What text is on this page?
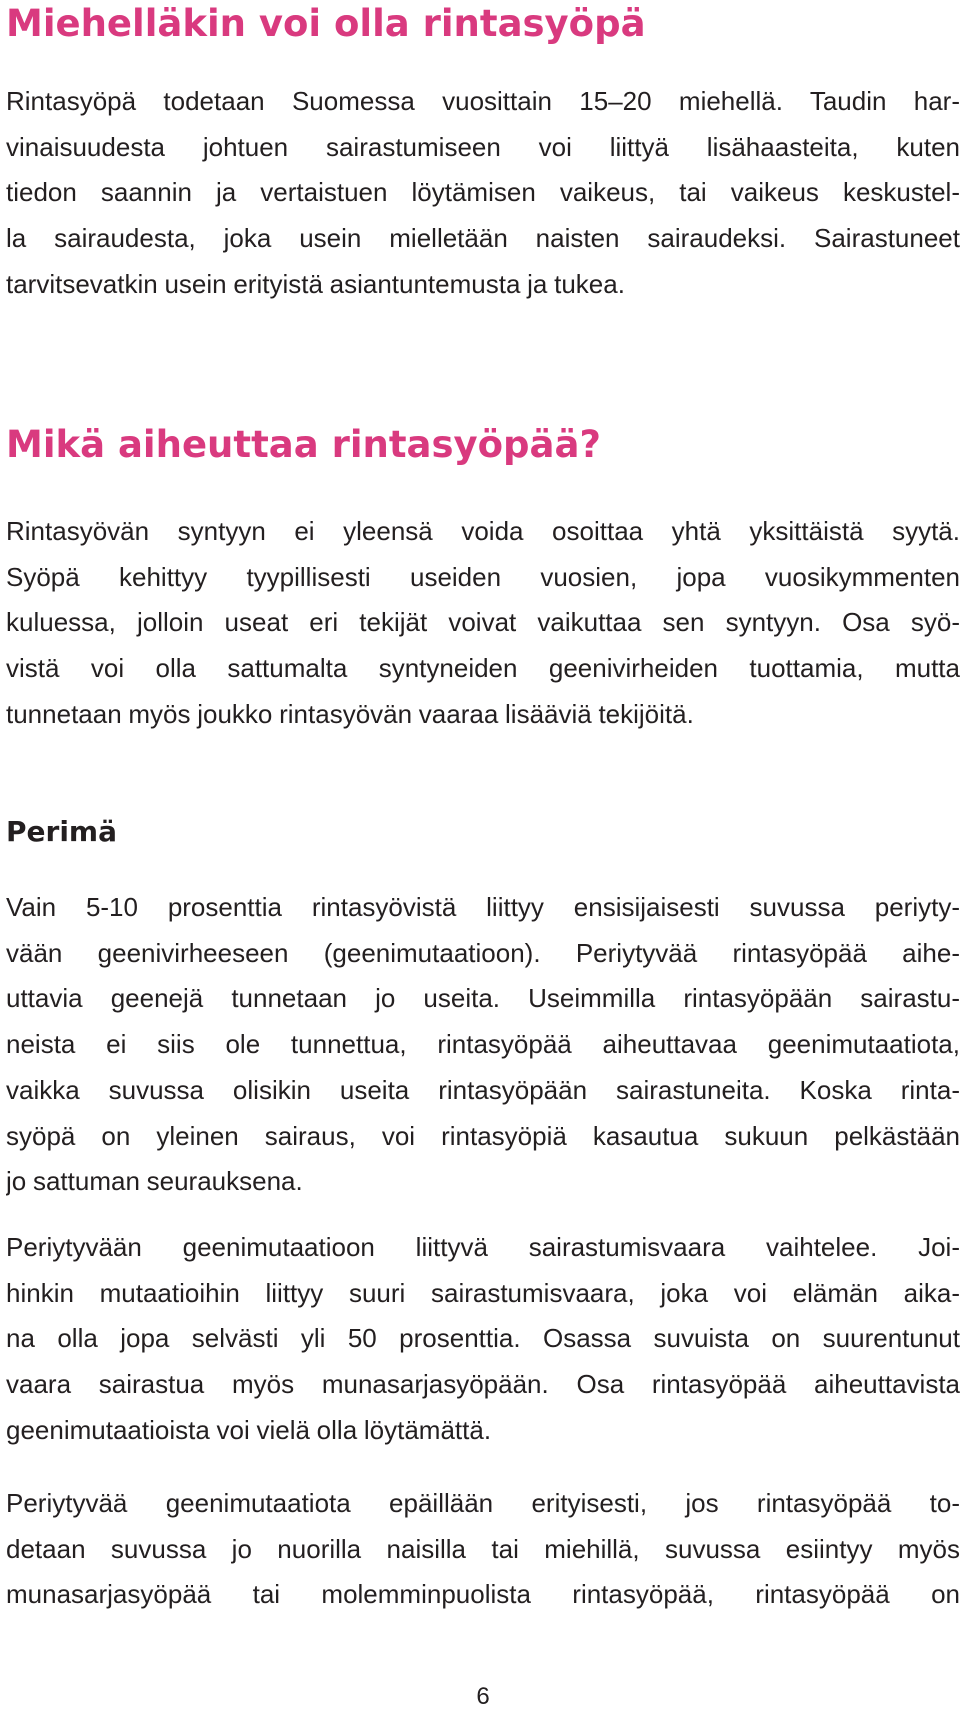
Miehelläkin voi olla rintasyöpä

Rintasyöpä todetaan Suomessa vuosittain 15–20 miehellä. Taudin har-
vinaisuudesta johtuen sairastumiseen voi liittyä lisähaasteita, kuten
tiedon saannin ja vertaistuen löytämisen vaikeus, tai vaikeus keskustel-
la sairaudesta, joka usein mielletään naisten sairaudeksi. Sairastuneet
tarvitsevatkin usein erityistä asiantuntemusta ja tukea.

Mikä aiheuttaa rintasyöpää?

Rintasyövän syntyyn ei yleensä voida osoittaa yhtä yksittäistä syytä.
Syöpä kehittyy tyypillisesti useiden vuosien, jopa vuosikymmenten
kuluessa, jolloin useat eri tekijät voivat vaikuttaa sen syntyyn. Osa syö-
vistä voi olla sattumalta syntyneiden geenivirheiden tuottamia, mutta
tunnetaan myös joukko rintasyövän vaaraa lisääviä tekijöitä.

Perimä

Vain 5-10 prosenttia rintasyövistä liittyy ensisijaisesti suvussa periyty-
vään geenivirheeseen (geenimutaatioon). Periytyvää rintasyöpää aihe-
uttavia geenejä tunnetaan jo useita. Useimmilla rintasyöpään sairastu-
neista ei siis ole tunnettua, rintasyöpää aiheuttavaa geenimutaatiota,
vaikka suvussa olisikin useita rintasyöpään sairastuneita. Koska rinta-
syöpä on yleinen sairaus, voi rintasyöpiä kasautua sukuun pelkästään
jo sattuman seurauksena.

Periytyvään geenimutaatioon liittyvä sairastumisvaara vaihtelee. Joi-
hinkin mutaatioihin liittyy suuri sairastumisvaara, joka voi elämän aika-
na olla jopa selvästi yli 50 prosenttia. Osassa suvuista on suurentunut
vaara sairastua myös munasarjasyöpään. Osa rintasyöpää aiheuttavista
geenimutaatioista voi vielä olla löytämättä.

Periytyvää geenimutaatiota epäillään erityisesti, jos rintasyöpää to-
detaan suvussa jo nuorilla naisilla tai miehillä, suvussa esiintyy myös
munasarjasyöpää tai molemminpuolista rintasyöpää, rintasyöpää on

6
